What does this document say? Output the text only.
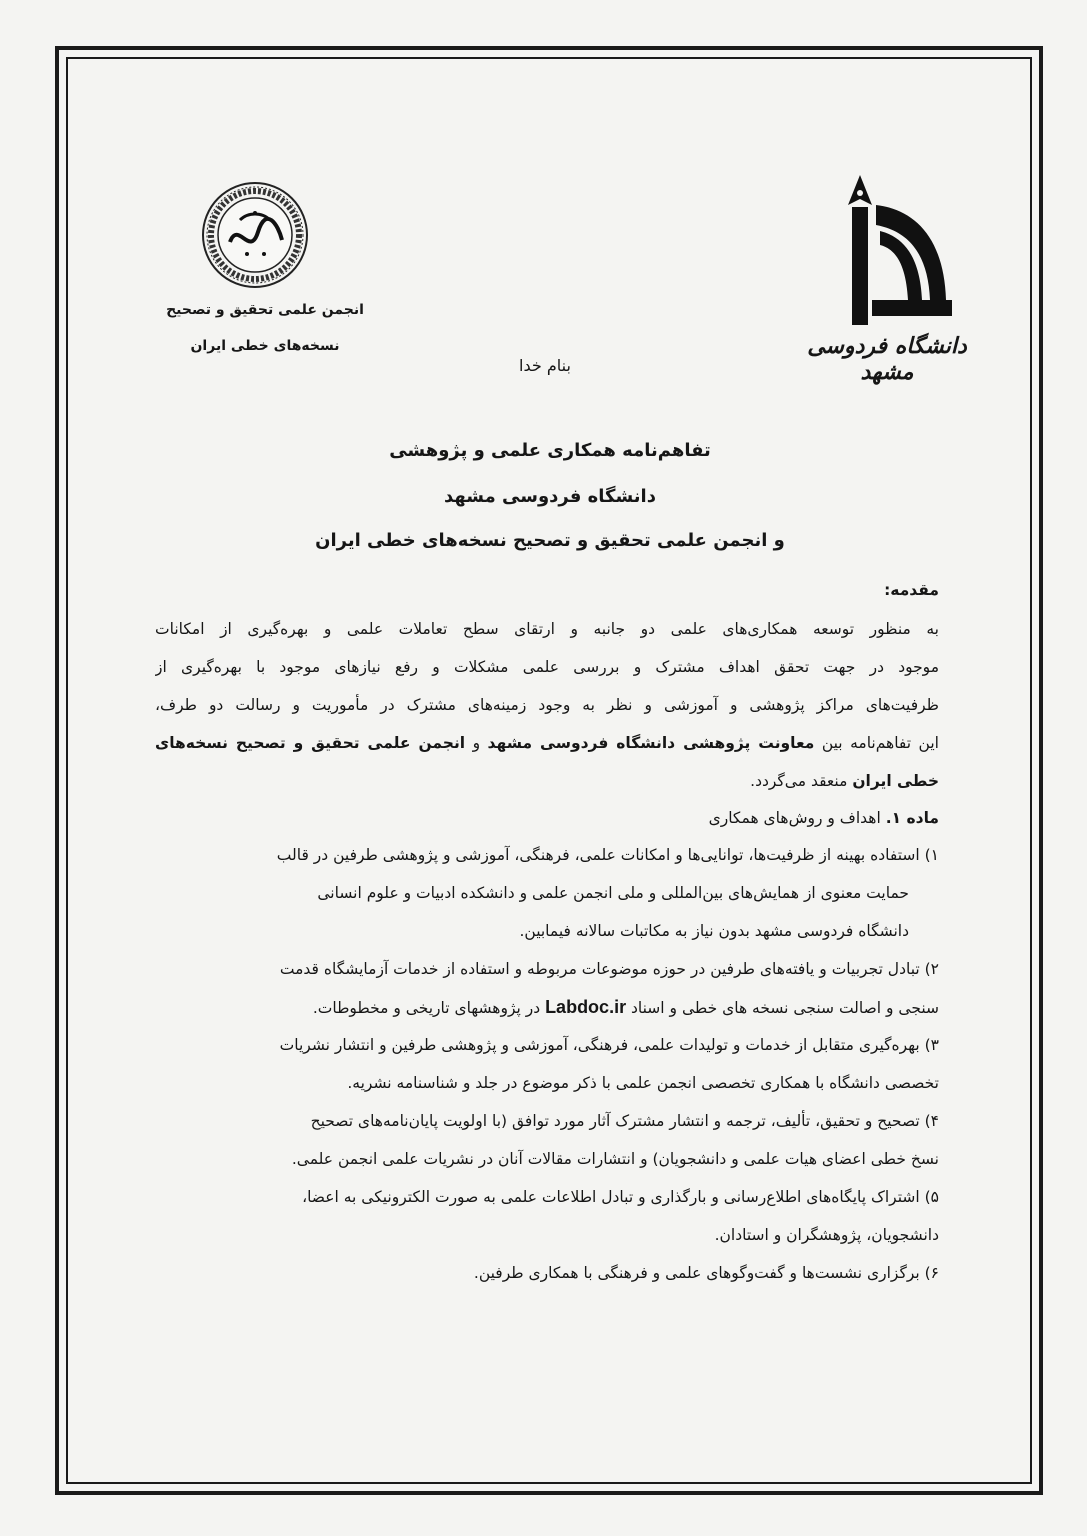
انجمن علمی تحقیق و تصحیح
نسخه‌های خطی ایران	دانشگاه فردوسی مشهد
بنام خدا
تفاهم‌نامه همکاری علمی و پژوهشی
دانشگاه فردوسی مشهد
و انجمن علمی تحقیق و تصحیح نسخه‌های خطی ایران

مقدمه:

به منظور توسعه همکاری‌های علمی دو جانبه و ارتقای سطح تعاملات علمی و بهره‌گیری از امکانات

موجود در جهت تحقق اهداف مشترک و بررسی علمی مشکلات و رفع نیازهای موجود با بهره‌گیری از

ظرفیت‌های مراکز پژوهشی و آموزشی و نظر به وجود زمینه‌های مشترک در مأموریت و رسالت دو طرف،

این تفاهم‌نامه بین معاونت پژوهشی دانشگاه فردوسی مشهد و انجمن علمی تحقیق و تصحیح نسخه‌های

خطی ایران منعقد می‌گردد.

ماده ۱. اهداف و روش‌های همکاری

۱) استفاده بهینه از ظرفیت‌ها، توانایی‌ها و امکانات علمی، فرهنگی، آموزشی و پژوهشی طرفین در قالب

حمایت معنوی از همایش‌های بین‌المللی و ملی انجمن علمی و دانشکده ادبیات و علوم انسانی

دانشگاه فردوسی مشهد بدون نیاز به مکاتبات سالانه فیمابین.

۲) تبادل تجربیات و یافته‌های طرفین در حوزه موضوعات مربوطه و استفاده از خدمات آزمایشگاه قدمت

سنجی و اصالت سنجی نسخه های خطی و اسناد Labdoc.ir در پژوهشهای تاریخی و مخطوطات.

۳) بهره‌گیری متقابل از خدمات و تولیدات علمی، فرهنگی، آموزشی و پژوهشی طرفین و انتشار نشریات

تخصصی دانشگاه با همکاری تخصصی انجمن علمی با ذکر موضوع در جلد و شناسنامه نشریه.

۴) تصحیح و تحقیق، تألیف، ترجمه و انتشار مشترک آثار مورد توافق (با اولویت پایان‌نامه‌های تصحیح

نسخ خطی اعضای هیات علمی و دانشجویان) و انتشارات مقالات آنان در نشریات علمی انجمن علمی.

۵) اشتراک پایگاه‌های اطلاع‌رسانی و بارگذاری و تبادل اطلاعات علمی به صورت الکترونیکی به اعضا،

دانشجویان، پژوهشگران و استادان.

۶) برگزاری نشست‌ها و گفت‌وگوهای علمی و فرهنگی با همکاری طرفین.
